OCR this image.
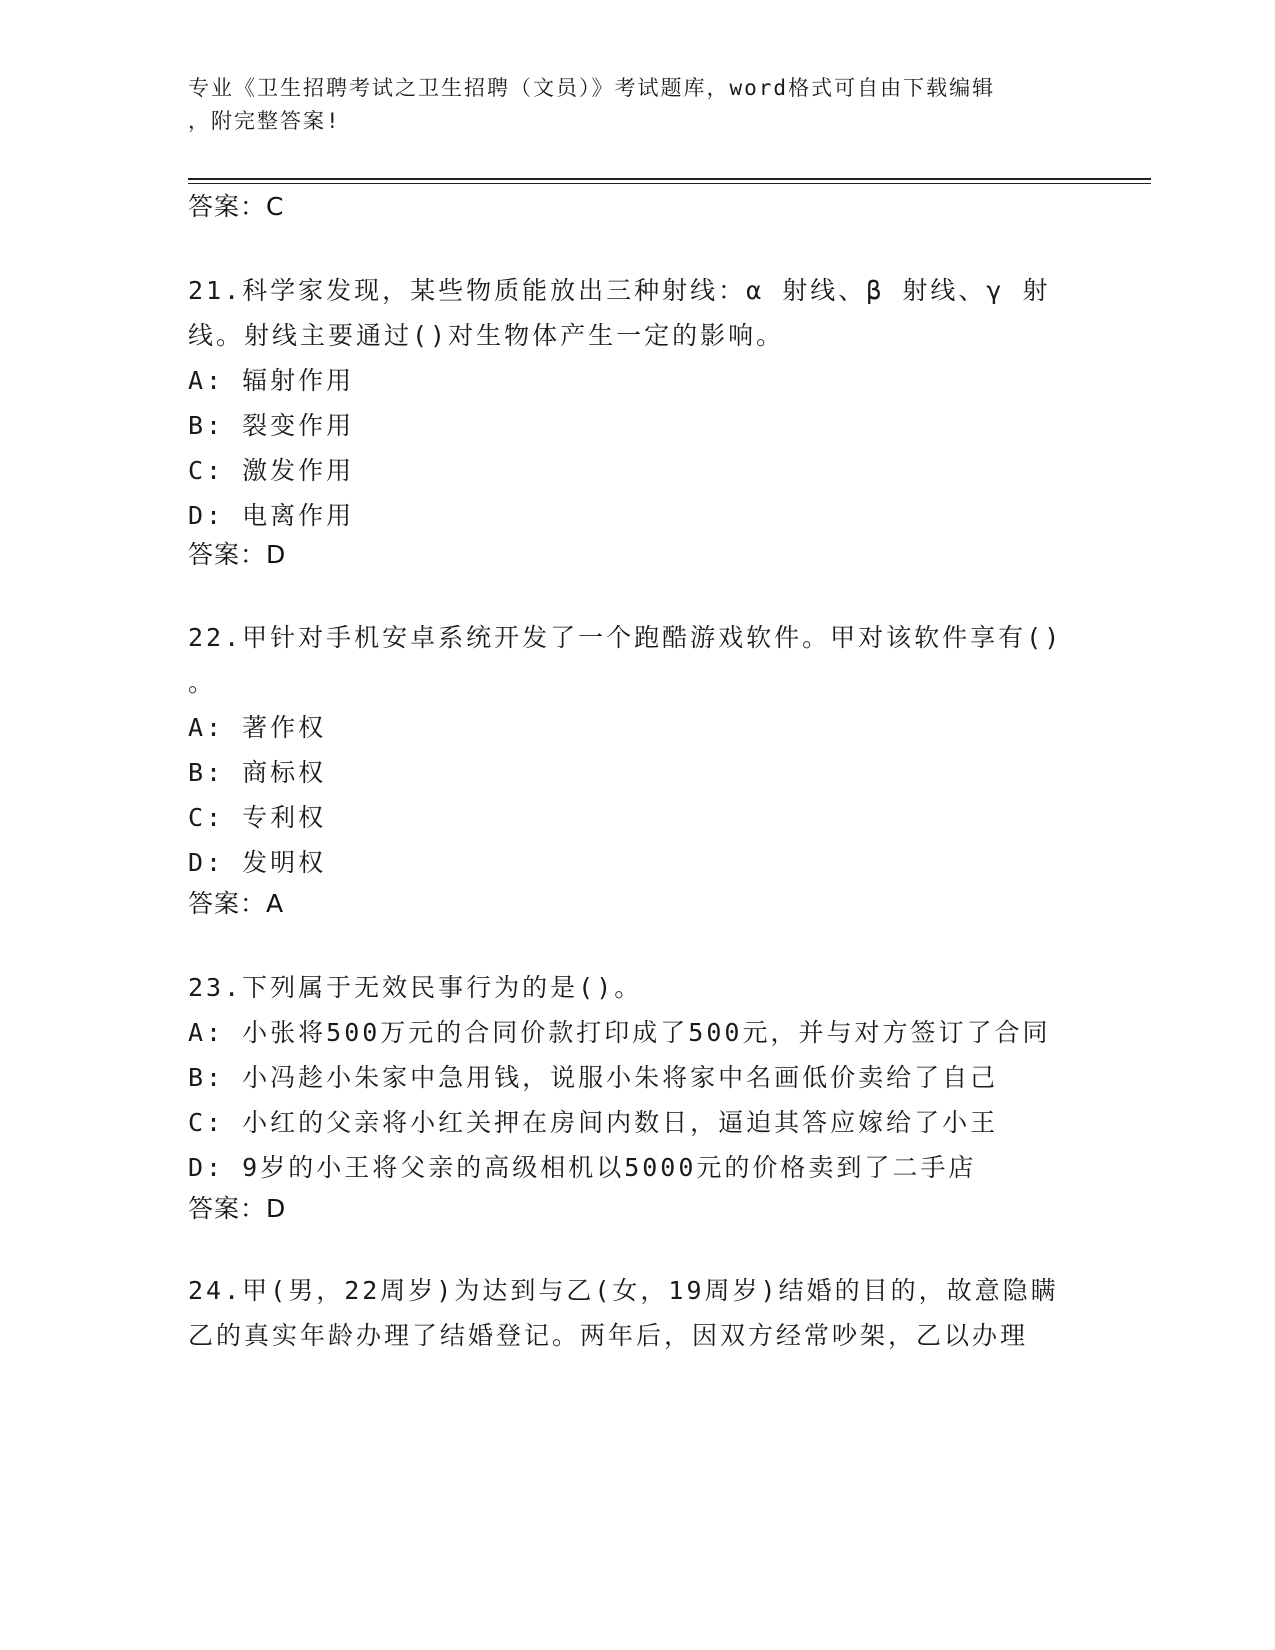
专业《卫生招聘考试之卫生招聘（文员）》考试题库，word格式可自由下载编辑
，附完整答案!
答案：C
21.科学家发现，某些物质能放出三种射线：α 射线、β 射线、γ 射
线。射线主要通过()对生物体产生一定的影响。
A: 辐射作用
B: 裂变作用
C: 激发作用
D: 电离作用
答案：D
22.甲针对手机安卓系统开发了一个跑酷游戏软件。甲对该软件享有()
。
A: 著作权
B: 商标权
C: 专利权
D: 发明权
答案：A
23.下列属于无效民事行为的是()。
A: 小张将500万元的合同价款打印成了500元，并与对方签订了合同
B: 小冯趁小朱家中急用钱，说服小朱将家中名画低价卖给了自己
C: 小红的父亲将小红关押在房间内数日，逼迫其答应嫁给了小王
D: 9岁的小王将父亲的高级相机以5000元的价格卖到了二手店
答案：D
24.甲(男，22周岁)为达到与乙(女，19周岁)结婚的目的，故意隐瞒
乙的真实年龄办理了结婚登记。两年后，因双方经常吵架，乙以办理
